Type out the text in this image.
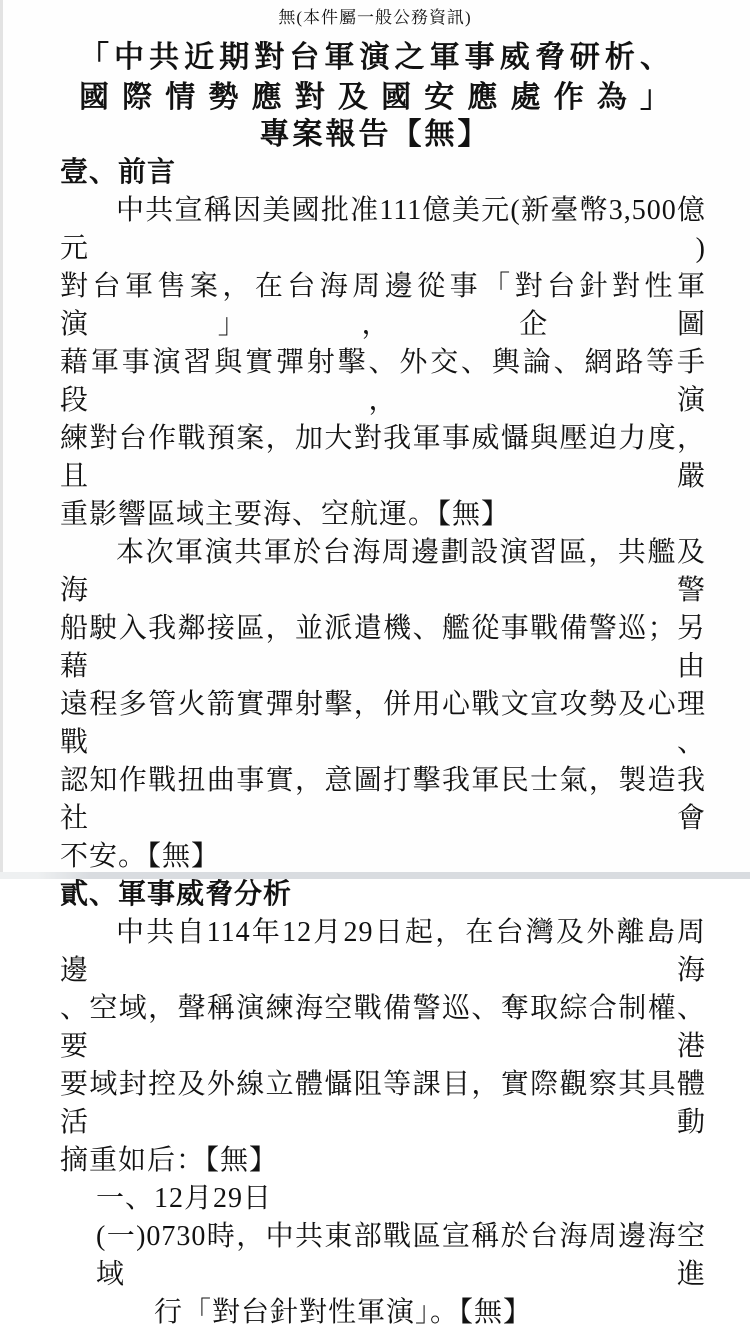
無(本件屬一般公務資訊)
「中共近期對台軍演之軍事威脅研析、
國際情勢應對及國安應處作為」
專案報告【無】
壹、前言
中共宣稱因美國批准111億美元(新臺幣3,500億元)
對台軍售案，在台海周邊從事「對台針對性軍演」，企圖
藉軍事演習與實彈射擊、外交、輿論、網路等手段，演
練對台作戰預案，加大對我軍事威懾與壓迫力度，且嚴
重影響區域主要海、空航運。【無】
本次軍演共軍於台海周邊劃設演習區，共艦及海警
船駛入我鄰接區，並派遣機、艦從事戰備警巡；另藉由
遠程多管火箭實彈射擊，併用心戰文宣攻勢及心理戰、
認知作戰扭曲事實，意圖打擊我軍民士氣，製造我社會
不安。【無】
貳、軍事威脅分析
中共自114年12月29日起，在台灣及外離島周邊海
、空域，聲稱演練海空戰備警巡、奪取綜合制權、要港
要域封控及外線立體懾阻等課目，實際觀察其具體活動
摘重如后：【無】
一、12月29日
(一)0730時，中共東部戰區宣稱於台海周邊海空域進
行「對台針對性軍演」。【無】
